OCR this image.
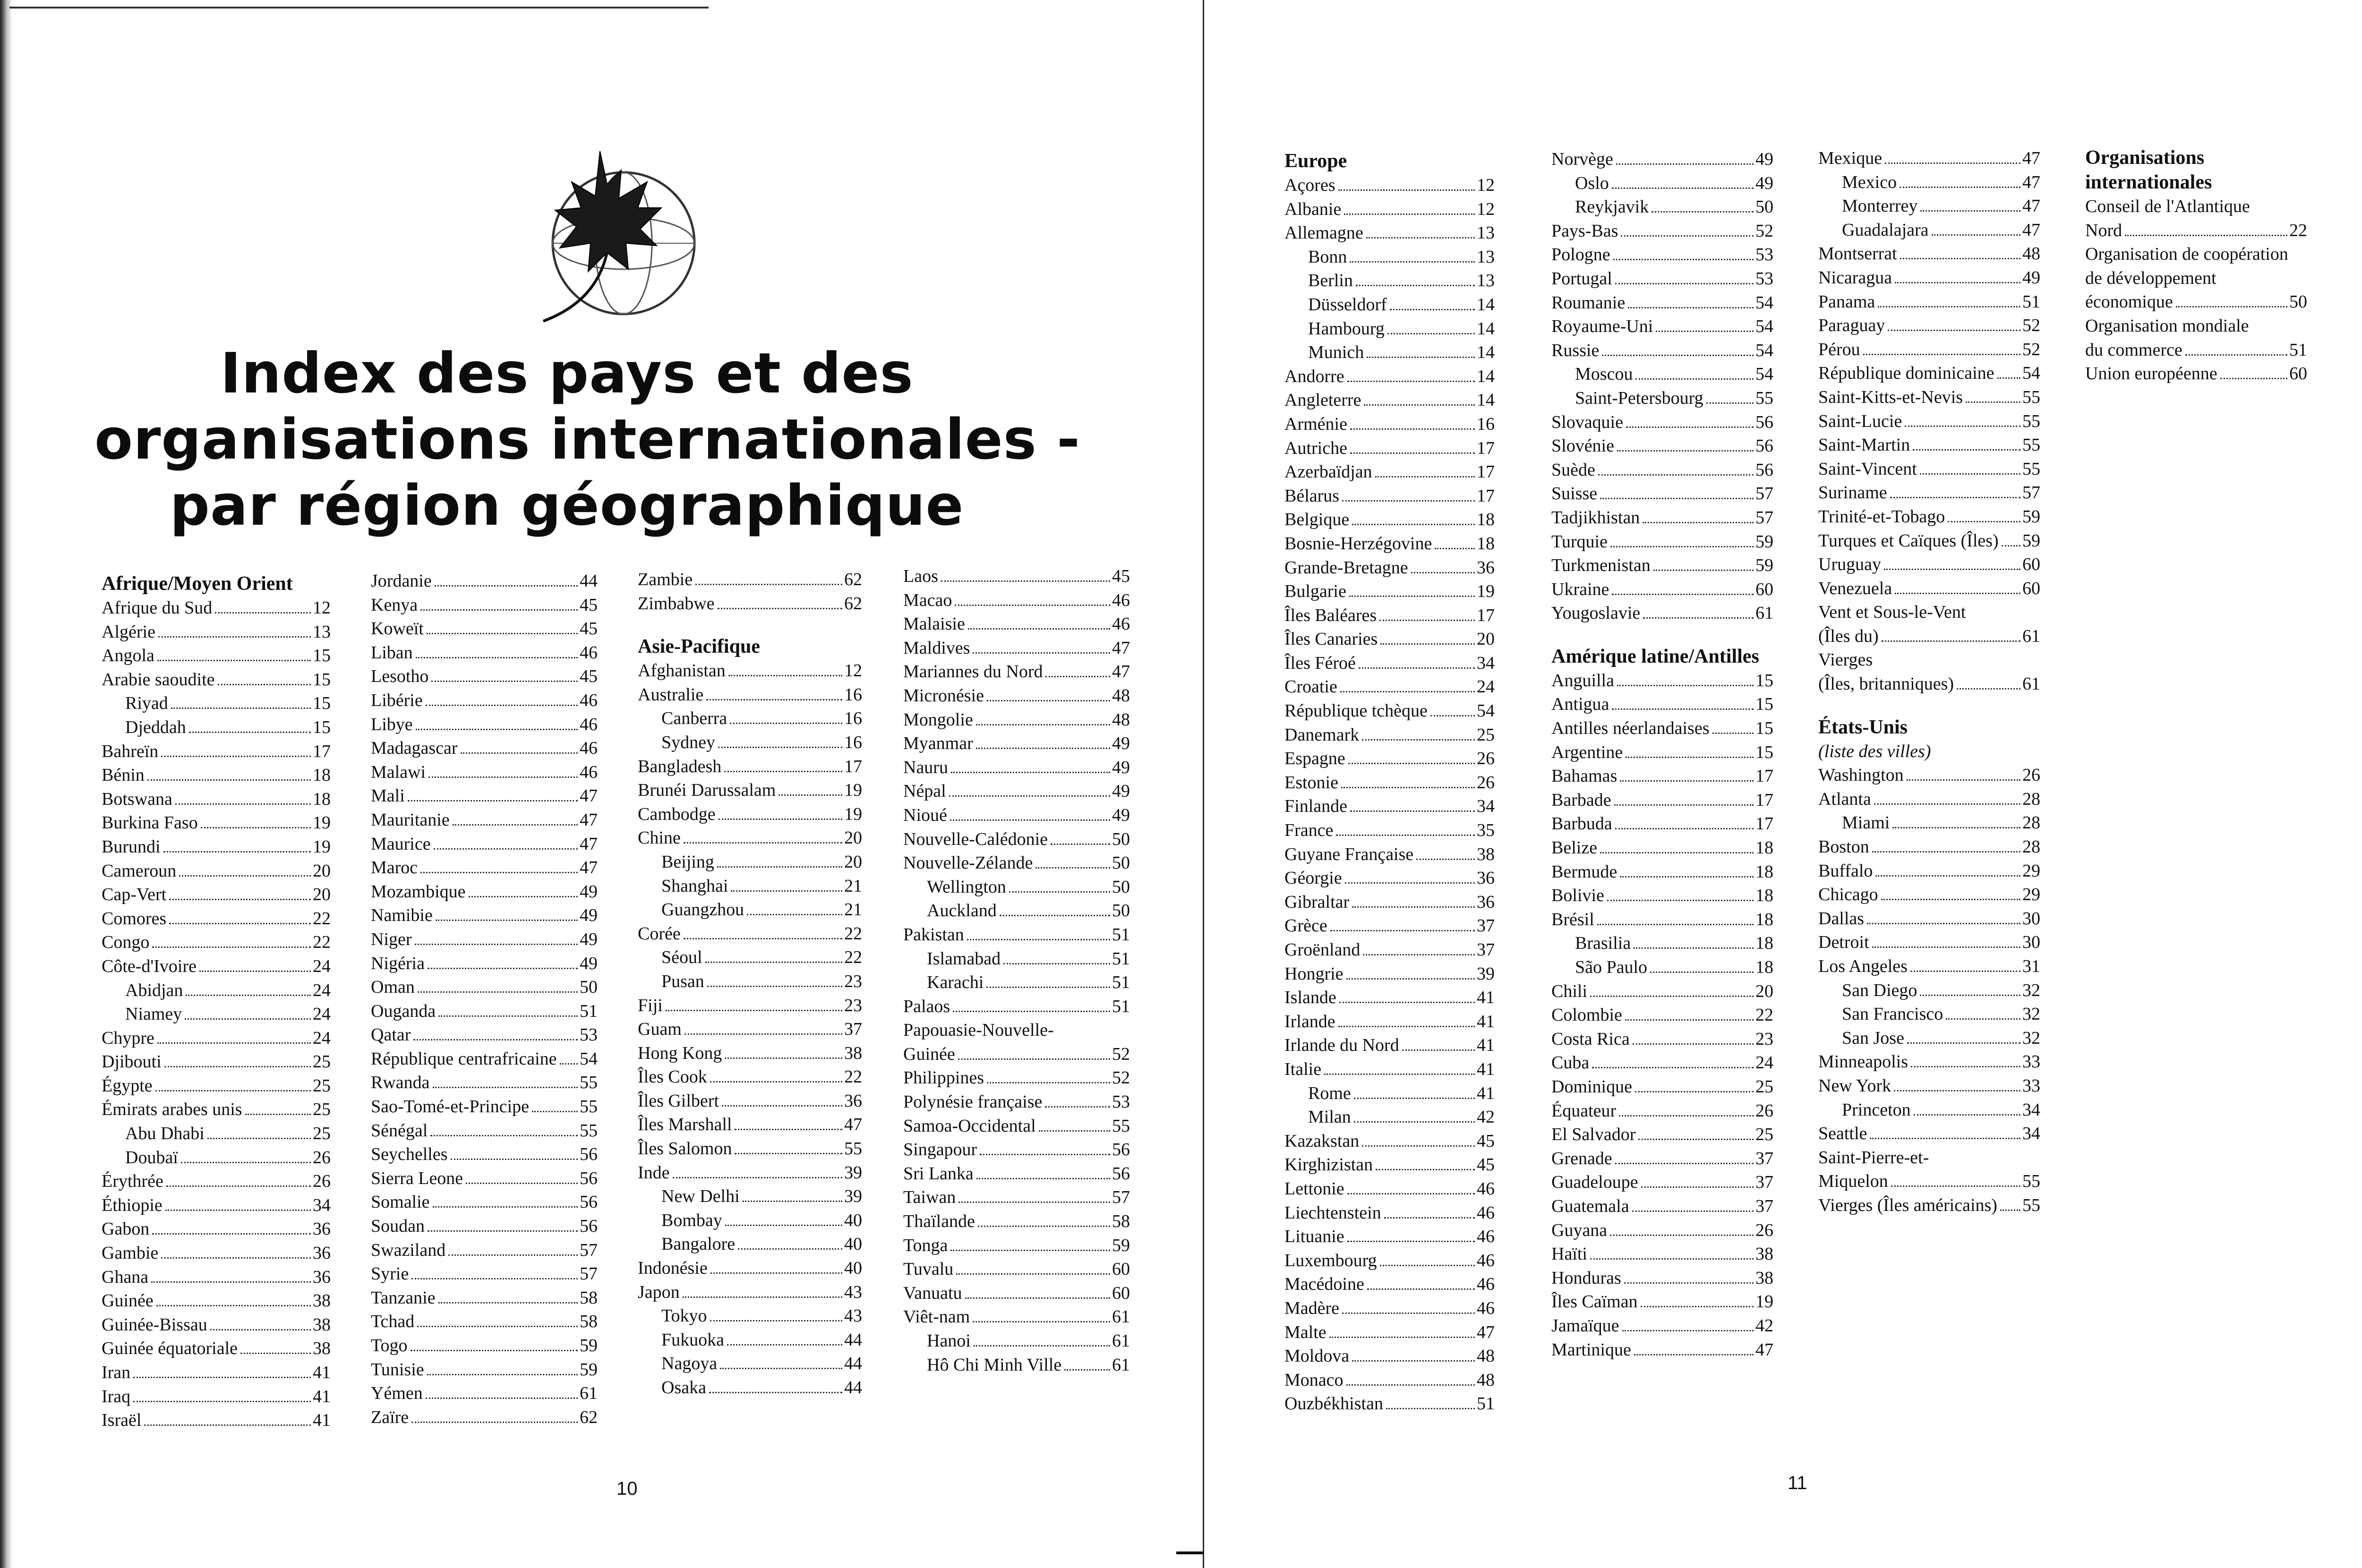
Index des pays et des
organisations internationales -
par région géographique
Afrique/Moyen Orient
Afrique du Sud	12
Algérie	13
Angola	15
Arabie saoudite	15
Riyad	15
Djeddah	15
Bahreïn	17
Bénin	18
Botswana	18
Burkina Faso	19
Burundi	19
Cameroun	20
Cap-Vert	20
Comores	22
Congo	22
Côte-d'Ivoire	24
Abidjan	24
Niamey	24
Chypre	24
Djibouti	25
Égypte	25
Émirats arabes unis	25
Abu Dhabi	25
Doubaï	26
Érythrée	26
Éthiopie	34
Gabon	36
Gambie	36
Ghana	36
Guinée	38
Guinée-Bissau	38
Guinée équatoriale	38
Iran	41
Iraq	41
Israël	41
Jordanie	44
Kenya	45
Koweït	45
Liban	46
Lesotho	45
Libérie	46
Libye	46
Madagascar	46
Malawi	46
Mali	47
Mauritanie	47
Maurice	47
Maroc	47
Mozambique	49
Namibie	49
Niger	49
Nigéria	49
Oman	50
Ouganda	51
Qatar	53
République centrafricaine 54
Rwanda	55
Sao-Tomé-et-Principe	55
Sénégal	55
Seychelles	56
Sierra Leone	56
Somalie	56
Soudan	56
Swaziland	57
Syrie	57
Tanzanie	58
Tchad	58
Togo	59
Tunisie	59
Yémen	61
Zaïre	62
Zambie	62
Zimbabwe	62
Asie-Pacifique
Afghanistan	12
Australie	16
Canberra	16
Sydney	16
Bangladesh	17
Brunéi Darussalam	19
Cambodge	19
Chine	20
Beijing	20
Shanghai	21
Guangzhou	21
Corée	22
Séoul	22
Pusan	23
Fiji	23
Guam	37
Hong Kong	38
Îles Cook	22
Îles Gilbert	36
Îles Marshall	47
Îles Salomon	55
Inde	39
New Delhi	39
Bombay	40
Bangalore	40
Indonésie	40
Japon	43
Tokyo	43
Fukuoka	44
Nagoya	44
Osaka	44
Laos	45
Macao	46
Malaisie	46
Maldives	47
Mariannes du Nord	47
Micronésie	48
Mongolie	48
Myanmar	49
Nauru	49
Népal	49
Nioué	49
Nouvelle-Calédonie	50
Nouvelle-Zélande	50
Wellington	50
Auckland	50
Pakistan	51
Islamabad	51
Karachi	51
Palaos	51
Papouasie-Nouvelle-
Guinée	52
Philippines	52
Polynésie française	53
Samoa-Occidental	55
Singapour	56
Sri Lanka	56
Taiwan	57
Thaïlande	58
Tonga	59
Tuvalu	60
Vanuatu	60
Viêt-nam	61
Hanoi	61
Hô Chi Minh Ville	61
10
Europe
Açores	12
Albanie	12
Allemagne	13
Bonn	13
Berlin	13
Düsseldorf	14
Hambourg	14
Munich	14
Andorre	14
Angleterre	14
Arménie	16
Autriche	17
Azerbaïdjan	17
Bélarus	17
Belgique	18
Bosnie-Herzégovine 18
Grande-Bretagne	36
Bulgarie	19
Îles Baléares	17
Îles Canaries	20
Îles Féroé	34
Croatie	24
République tchèque	54
Danemark	25
Espagne	26
Estonie	26
Finlande	34
France	35
Guyane Française	38
Géorgie	36
Gibraltar	36
Grèce	37
Groënland	37
Hongrie	39
Islande	41
Irlande	41
Irlande du Nord	41
Italie	41
Rome	41
Milan	42
Kazakstan	45
Kirghizistan	45
Lettonie	46
Liechtenstein	46
Lituanie	46
Luxembourg	46
Macédoine	46
Madère	46
Malte	47
Moldova	48
Monaco	48
Ouzbékhistan	51
Norvège	49
Oslo	49
Reykjavik	50
Pays-Bas	52
Pologne	53
Portugal	53
Roumanie	54
Royaume-Uni	54
Russie	54
Moscou	54
Saint-Petersbourg	55
Slovaquie	56
Slovénie	56
Suède	56
Suisse	57
Tadjikhistan	57
Turquie	59
Turkmenistan	59
Ukraine	60
Yougoslavie	61
Amérique latine/Antilles
Anguilla	15
Antigua	15
Antilles néerlandaises	15
Argentine	15
Bahamas	17
Barbade	17
Barbuda	17
Belize	18
Bermude	18
Bolivie	18
Brésil	18
Brasilia	18
São Paulo	18
Chili	20
Colombie	22
Costa Rica	23
Cuba	24
Dominique	25
Équateur	26
El Salvador	25
Grenade	37
Guadeloupe	37
Guatemala	37
Guyana	26
Haïti	38
Honduras	38
Îles Caïman	19
Jamaïque	42
Martinique	47
Mexique	47
Mexico	47
Monterrey	47
Guadalajara	47
Montserrat	48
Nicaragua	49
Panama	51
Paraguay	52
Pérou	52
République dominicaine 54
Saint-Kitts-et-Nevis	55
Saint-Lucie	55
Saint-Martin	55
Saint-Vincent	55
Suriname	57
Trinité-et-Tobago	59
Turques et Caïques (Îles) 59
Uruguay	60
Venezuela	60
Vent et Sous-le-Vent
(Îles du)	61
Vierges
(Îles, britanniques)	61
États-Unis
(liste des villes)
Washington	26
Atlanta	28
Miami	28
Boston	28
Buffalo	29
Chicago	29
Dallas	30
Detroit	30
Los Angeles	31
San Diego	32
San Francisco	32
San Jose	32
Minneapolis	33
New York	33
Princeton	34
Seattle	34
Saint-Pierre-et-
Miquelon	55
Vierges (Îles américains) 55
Organisations
internationales
Conseil de l'Atlantique
Nord	22
Organisation de coopération
de développement
économique	50
Organisation mondiale
du commerce	51
Union européenne	60
11
